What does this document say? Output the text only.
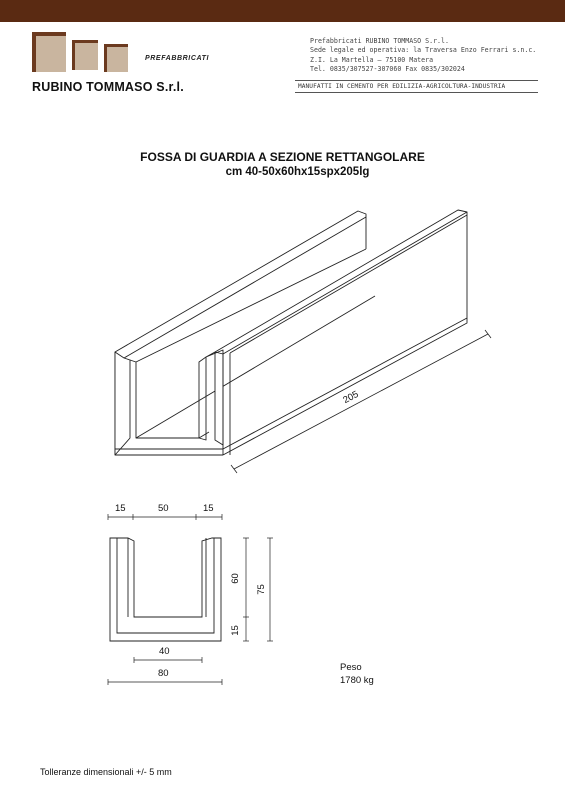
PREFABBRICATI
RUBINO TOMMASO S.r.l.
Prefabbricati RUBINO TOMMASO S.r.l.
Sede legale ed operativa: la Traversa Enzo Ferrari s.n.c.
Z.I. La Martella – 75100 Matera
Tel. 0835/307527-307060 Fax 0835/302024
MANUFATTI IN CEMENTO PER EDILIZIA-AGRICOLTURA-INDUSTRIA
FOSSA DI GUARDIA A SEZIONE RETTANGOLARE
cm 40-50x60hx15spx205lg
205
15	50	15
60
15
75
40
80
Peso
1780 kg
Tolleranze dimensionali +/- 5 mm
